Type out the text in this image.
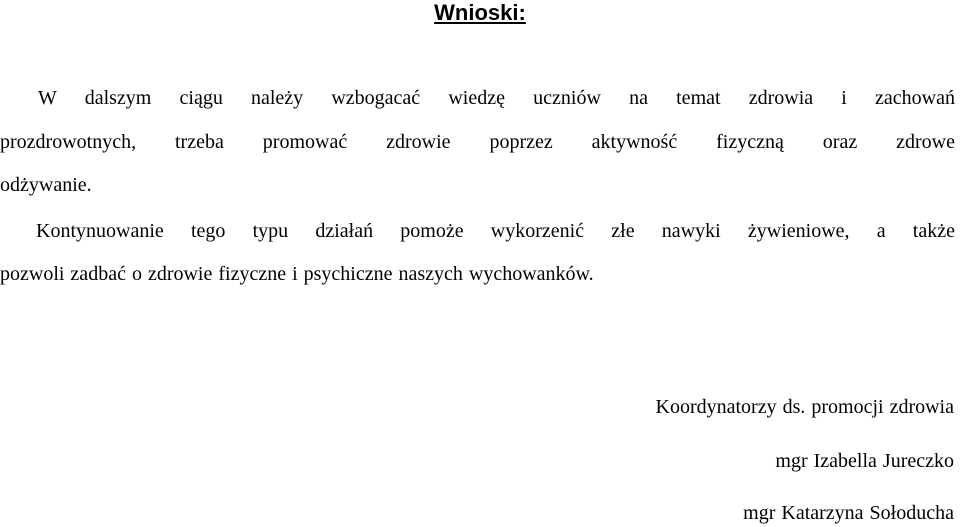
Wnioski:
W dalszym ciągu należy wzbogacać wiedzę uczniów na temat zdrowia i zachowań
prozdrowotnych, trzeba promować zdrowie poprzez aktywność fizyczną oraz zdrowe
odżywanie.
Kontynuowanie tego typu działań pomoże wykorzenić złe nawyki żywieniowe, a także
pozwoli zadbać o zdrowie fizyczne i psychiczne naszych wychowanków.
Koordynatorzy ds. promocji zdrowia
mgr Izabella Jureczko
mgr Katarzyna Sołoducha
